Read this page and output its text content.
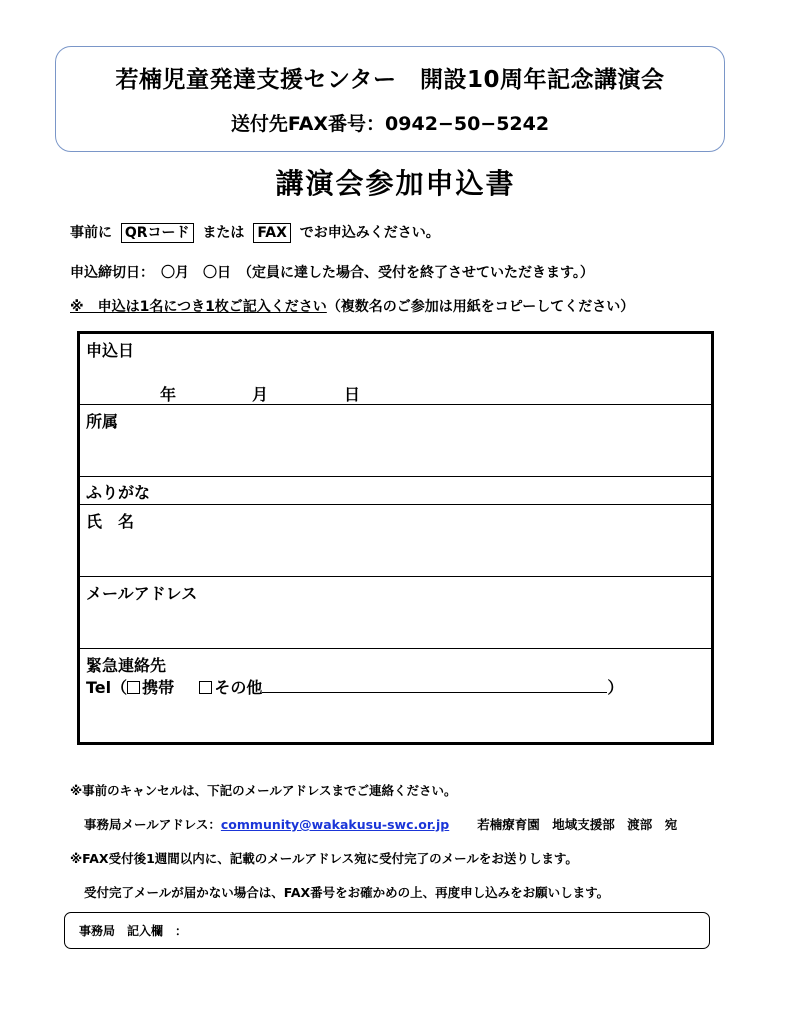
若楠児童発達支援センター　開設10周年記念講演会
送付先FAX番号：0942−50−5242
講演会参加申込書
事前に QRコード または FAX でお申込みください。
申込締切日：　〇月　〇日　（定員に達した場合、受付を終了させていただきます。）
※　申込は1名につき1枚ご記入ください（複数名のご参加は用紙をコピーしてください）
申込日
年	月	日
所属
ふりがな
氏　名
メールアドレス
緊急連絡先
Tel（ 携帯	その他	）
※事前のキャンセルは、下記のメールアドレスまでご連絡ください。
事務局メールアドレス：community@wakakusu-swc.or.jp 若楠療育園　地域支援部　渡部　宛
※FAX受付後1週間以内に、記載のメールアドレス宛に受付完了のメールをお送りします。
受付完了メールが届かない場合は、FAX番号をお確かめの上、再度申し込みをお願いします。
事務局　記入欄　：
